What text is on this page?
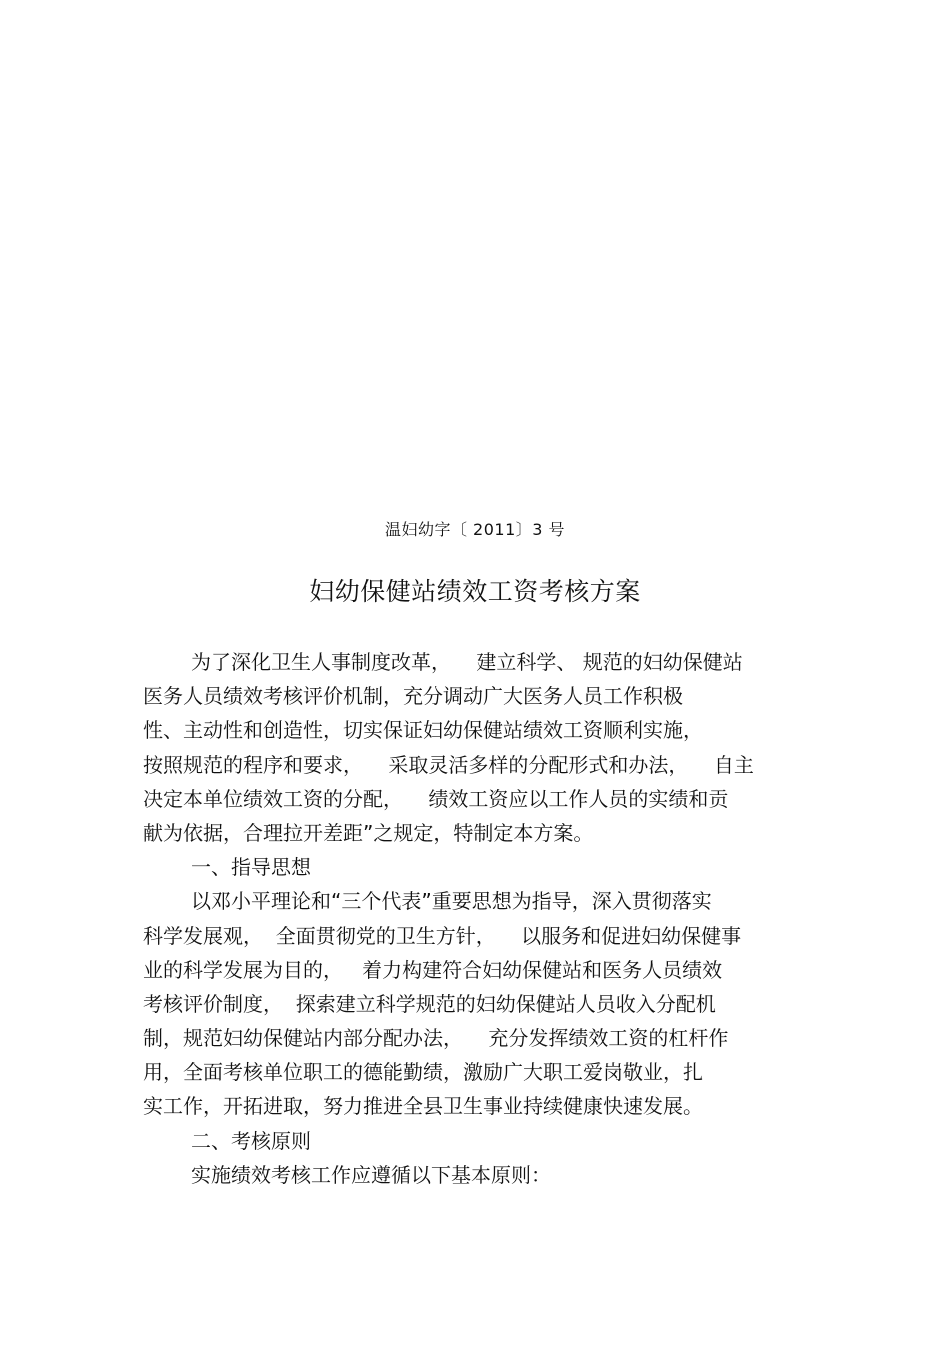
温妇幼字〔 2011〕3 号
妇幼保健站绩效工资考核方案
为了深化卫生人事制度改革，    建立科学、 规范的妇幼保健站
医务人员绩效考核评价机制，充分调动广大医务人员工作积极
性、主动性和创造性，切实保证妇幼保健站绩效工资顺利实施，
按照规范的程序和要求，    采取灵活多样的分配形式和办法，    自主
决定本单位绩效工资的分配，    绩效工资应以工作人员的实绩和贡
献为依据，合理拉开差距”之规定，特制定本方案。
一、指导思想
以邓小平理论和“三个代表”重要思想为指导，深入贯彻落实
科学发展观，  全面贯彻党的卫生方针，    以服务和促进妇幼保健事
业的科学发展为目的，   着力构建符合妇幼保健站和医务人员绩效
考核评价制度，  探索建立科学规范的妇幼保健站人员收入分配机
制，规范妇幼保健站内部分配办法，    充分发挥绩效工资的杠杆作
用，全面考核单位职工的德能勤绩，激励广大职工爱岗敬业，扎
实工作，开拓进取，努力推进全县卫生事业持续健康快速发展。
二、考核原则
实施绩效考核工作应遵循以下基本原则：
